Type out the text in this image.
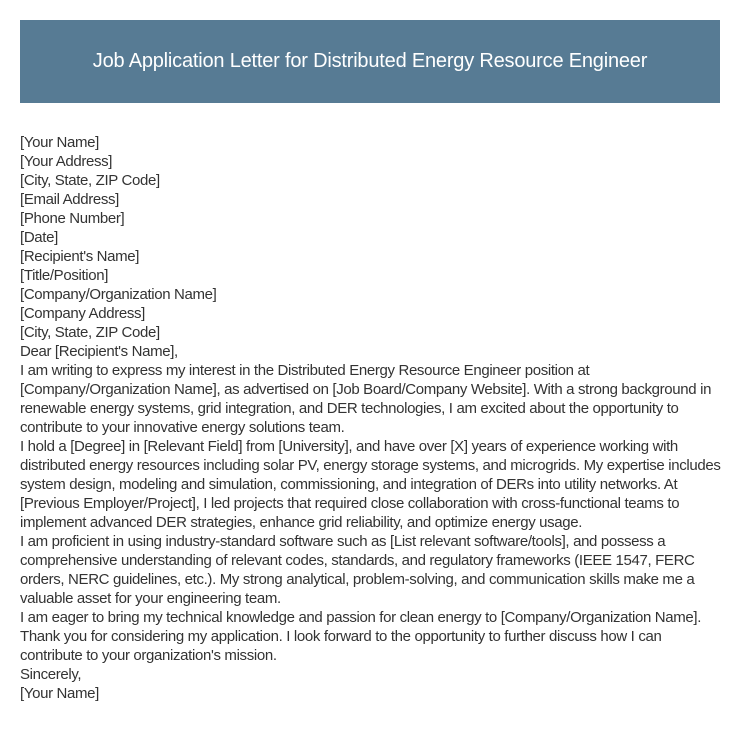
Job Application Letter for Distributed Energy Resource Engineer

[Your Name]

[Your Address]

[City, State, ZIP Code]

[Email Address]

[Phone Number]

[Date]

[Recipient's Name]

[Title/Position]

[Company/Organization Name]

[Company Address]

[City, State, ZIP Code]

Dear [Recipient's Name],

I am writing to express my interest in the Distributed Energy Resource Engineer position at [Company/Organization Name], as advertised on [Job Board/Company Website]. With a strong background in renewable energy systems, grid integration, and DER technologies, I am excited about the opportunity to contribute to your innovative energy solutions team.

I hold a [Degree] in [Relevant Field] from [University], and have over [X] years of experience working with distributed energy resources including solar PV, energy storage systems, and microgrids. My expertise includes system design, modeling and simulation, commissioning, and integration of DERs into utility networks. At [Previous Employer/Project], I led projects that required close collaboration with cross-functional teams to implement advanced DER strategies, enhance grid reliability, and optimize energy usage.

I am proficient in using industry-standard software such as [List relevant software/tools], and possess a comprehensive understanding of relevant codes, standards, and regulatory frameworks (IEEE 1547, FERC orders, NERC guidelines, etc.). My strong analytical, problem-solving, and communication skills make me a valuable asset for your engineering team.

I am eager to bring my technical knowledge and passion for clean energy to [Company/Organization Name]. Thank you for considering my application. I look forward to the opportunity to further discuss how I can contribute to your organization's mission.

Sincerely,

[Your Name]
